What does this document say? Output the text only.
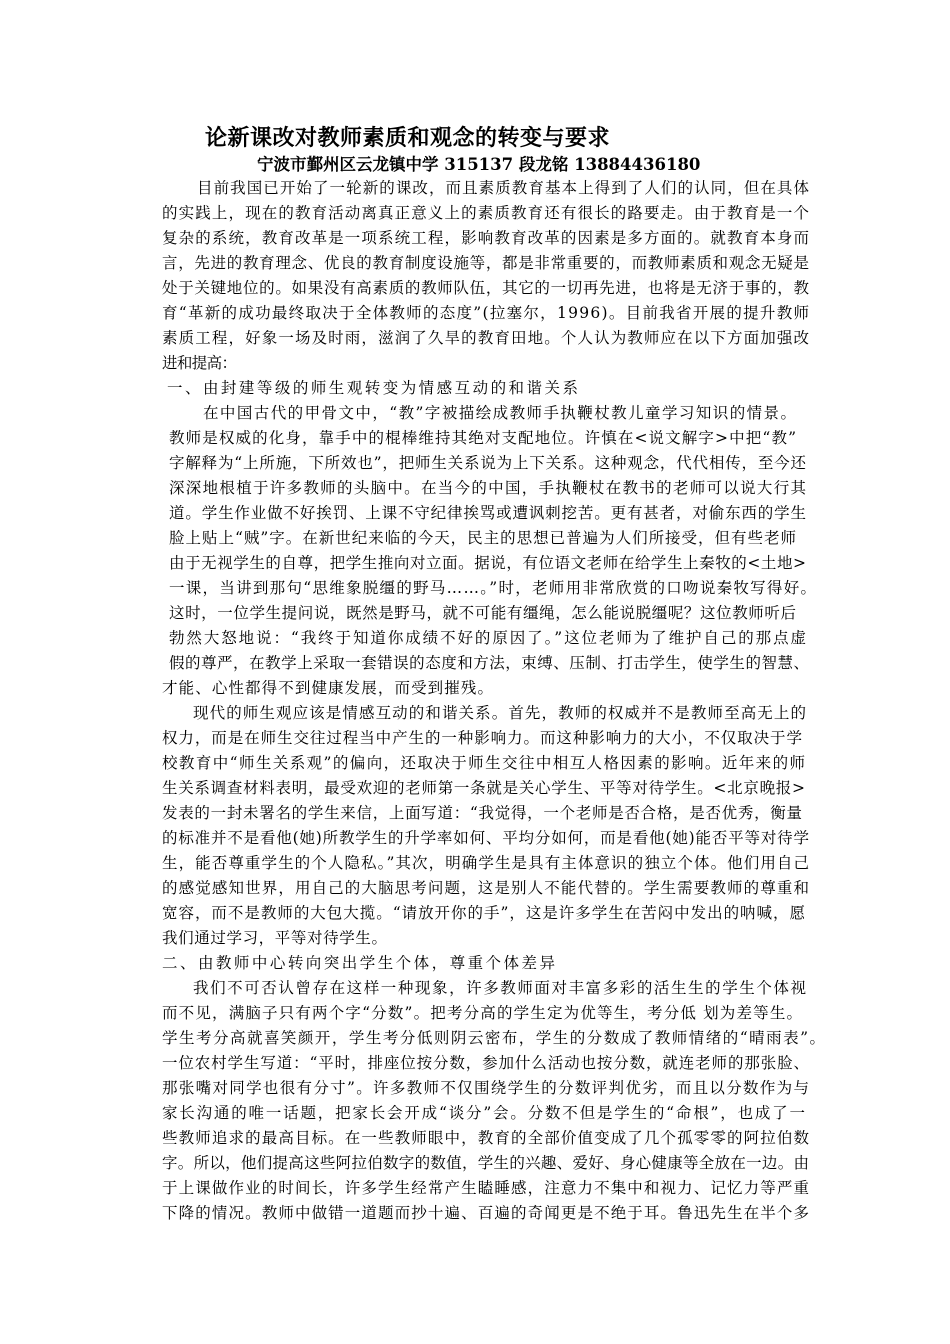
论新课改对教师素质和观念的转变与要求
宁波市鄞州区云龙镇中学 315137 段龙铭 13884436180
目前我国已开始了一轮新的课改，而且素质教育基本上得到了人们的认同，但在具体
的实践上，现在的教育活动离真正意义上的素质教育还有很长的路要走。由于教育是一个
复杂的系统，教育改革是一项系统工程，影响教育改革的因素是多方面的。就教育本身而
言，先进的教育理念、优良的教育制度设施等，都是非常重要的，而教师素质和观念无疑是
处于关键地位的。如果没有高素质的教师队伍，其它的一切再先进，也将是无济于事的，教
育“革新的成功最终取决于全体教师的态度”(拉塞尔，1996)。目前我省开展的提升教师
素质工程，好象一场及时雨，滋润了久旱的教育田地。个人认为教师应在以下方面加强改
进和提高：
一、由封建等级的师生观转变为情感互动的和谐关系
在中国古代的甲骨文中，“教”字被描绘成教师手执鞭杖教儿童学习知识的情景。
教师是权威的化身，靠手中的棍棒维持其绝对支配地位。许慎在<说文解字>中把“教”
字解释为“上所施，下所效也”，把师生关系说为上下关系。这种观念，代代相传，至今还
深深地根植于许多教师的头脑中。在当今的中国，手执鞭杖在教书的老师可以说大行其
道。学生作业做不好挨罚、上课不守纪律挨骂或遭讽刺挖苦。更有甚者，对偷东西的学生
脸上贴上“贼”字。在新世纪来临的今天，民主的思想已普遍为人们所接受，但有些老师
由于无视学生的自尊，把学生推向对立面。据说，有位语文老师在给学生上秦牧的<土地>
一课，当讲到那句“思维象脱缰的野马……。”时，老师用非常欣赏的口吻说秦牧写得好。
这时，一位学生提问说，既然是野马，就不可能有缰绳，怎么能说脱缰呢？这位教师听后
勃然大怒地说：“我终于知道你成绩不好的原因了。”这位老师为了维护自己的那点虚
假的尊严，在教学上采取一套错误的态度和方法，束缚、压制、打击学生，使学生的智慧、
才能、心性都得不到健康发展，而受到摧残。
现代的师生观应该是情感互动的和谐关系。首先，教师的权威并不是教师至高无上的
权力，而是在师生交往过程当中产生的一种影响力。而这种影响力的大小，不仅取决于学
校教育中“师生关系观”的偏向，还取决于师生交往中相互人格因素的影响。近年来的师
生关系调查材料表明，最受欢迎的老师第一条就是关心学生、平等对待学生。<北京晚报>
发表的一封未署名的学生来信，上面写道：“我觉得，一个老师是否合格，是否优秀，衡量
的标准并不是看他(她)所教学生的升学率如何、平均分如何，而是看他(她)能否平等对待学
生，能否尊重学生的个人隐私。”其次，明确学生是具有主体意识的独立个体。他们用自己
的感觉感知世界，用自己的大脑思考问题，这是别人不能代替的。学生需要教师的尊重和
宽容，而不是教师的大包大揽。“请放开你的手”，这是许多学生在苦闷中发出的呐喊，愿
我们通过学习，平等对待学生。
二、由教师中心转向突出学生个体，尊重个体差异
我们不可否认曾存在这样一种现象，许多教师面对丰富多彩的活生生的学生个体视
而不见，满脑子只有两个字“分数”。把考分高的学生定为优等生，考分低 划为差等生。
学生考分高就喜笑颜开，学生考分低则阴云密布，学生的分数成了教师情绪的“晴雨表”。
一位农村学生写道：“平时，排座位按分数，参加什么活动也按分数，就连老师的那张脸、
那张嘴对同学也很有分寸”。许多教师不仅围绕学生的分数评判优劣，而且以分数作为与
家长沟通的唯一话题，把家长会开成“谈分”会。分数不但是学生的“命根”，也成了一
些教师追求的最高目标。在一些教师眼中，教育的全部价值变成了几个孤零零的阿拉伯数
字。所以，他们提高这些阿拉伯数字的数值，学生的兴趣、爱好、身心健康等全放在一边。由
于上课做作业的时间长，许多学生经常产生瞌睡感，注意力不集中和视力、记忆力等严重
下降的情况。教师中做错一道题而抄十遍、百遍的奇闻更是不绝于耳。鲁迅先生在半个多
